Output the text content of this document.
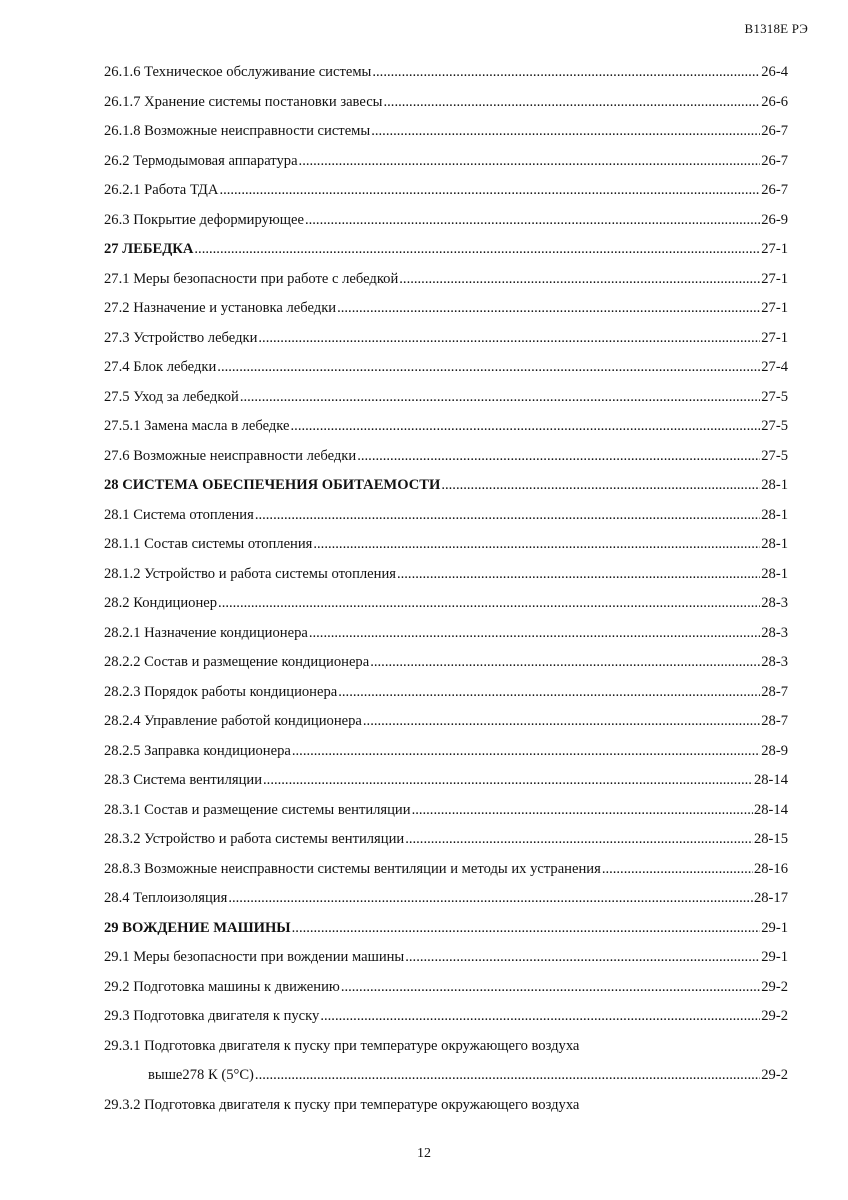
В1318Е РЭ
26.1.6 Техническое обслуживание системы .....	26-4
26.1.7 Хранение системы постановки завесы .....	26-6
26.1.8 Возможные неисправности системы .....	26-7
26.2 Термодымовая аппаратура .....	26-7
26.2.1 Работа ТДА .....	26-7
26.3 Покрытие деформирующее .....	26-9
27 ЛЕБЕДКА .....	27-1
27.1 Меры безопасности при работе с лебедкой .....	27-1
27.2 Назначение и установка лебедки .....	27-1
27.3 Устройство лебедки .....	27-1
27.4 Блок лебедки .....	27-4
27.5 Уход за лебедкой .....	27-5
27.5.1 Замена масла в лебедке .....	27-5
27.6 Возможные неисправности лебедки .....	27-5
28 СИСТЕМА ОБЕСПЕЧЕНИЯ ОБИТАЕМОСТИ .....	28-1
28.1 Система отопления .....	28-1
28.1.1 Состав системы отопления .....	28-1
28.1.2 Устройство и работа системы отопления .....	28-1
28.2 Кондиционер .....	28-3
28.2.1 Назначение кондиционера .....	28-3
28.2.2 Состав и размещение кондиционера .....	28-3
28.2.3 Порядок работы кондиционера .....	28-7
28.2.4 Управление работой кондиционера .....	28-7
28.2.5 Заправка кондиционера .....	28-9
28.3 Система вентиляции .....	28-14
28.3.1 Состав и размещение системы вентиляции .....	28-14
28.3.2 Устройство и работа системы вентиляции .....	28-15
28.8.3 Возможные неисправности системы вентиляции и методы их устранения .....	28-16
28.4 Теплоизоляция .....	28-17
29 ВОЖДЕНИЕ МАШИНЫ .....	29-1
29.1 Меры безопасности при вождении машины .....	29-1
29.2 Подготовка машины к движению .....	29-2
29.3 Подготовка двигателя к пуску .....	29-2
29.3.1 Подготовка двигателя к пуску при температуре окружающего воздуха
выше278 К (5°С) .....	29-2
29.3.2 Подготовка двигателя к пуску при температуре окружающего воздуха
12
